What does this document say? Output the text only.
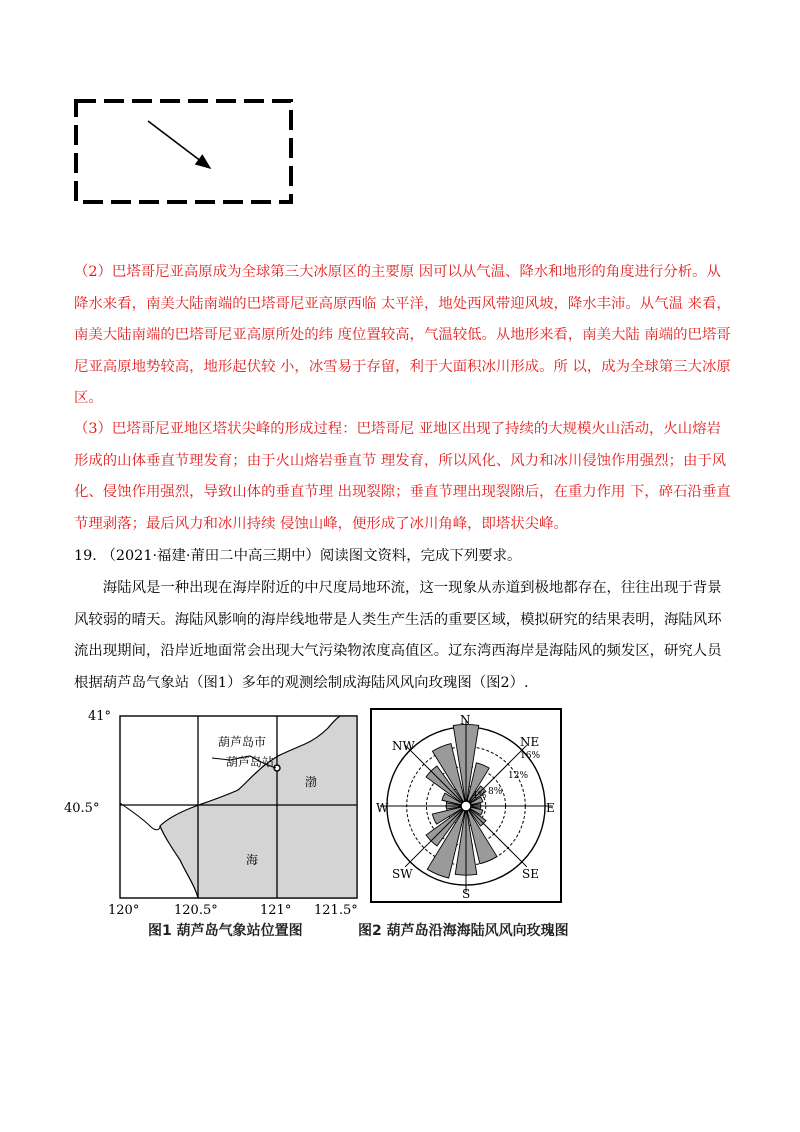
（2）巴塔哥尼亚高原成为全球第三大冰原区的主要原 因可以从气温、降水和地形的角度进行分析。从降水来看，南美大陆南端的巴塔哥尼亚高原西临 太平洋，地处西风带迎风坡，降水丰沛。从气温 来看，南美大陆南端的巴塔哥尼亚高原所处的纬 度位置较高，气温较低。从地形来看，南美大陆 南端的巴塔哥尼亚高原地势较高，地形起伏较 小，冰雪易于存留，利于大面积冰川形成。所 以，成为全球第三大冰原区。

（3）巴塔哥尼亚地区塔状尖峰的形成过程：巴塔哥尼 亚地区出现了持续的大规模火山活动，火山熔岩 形成的山体垂直节理发育；由于火山熔岩垂直节 理发育，所以风化、风力和冰川侵蚀作用强烈；由于风化、侵蚀作用强烈，导致山体的垂直节理 出现裂隙；垂直节理出现裂隙后，在重力作用 下，碎石沿垂直节理剥落；最后风力和冰川持续 侵蚀山峰，便形成了冰川角峰，即塔状尖峰。

19. （2021·福建·莆田二中高三期中）阅读图文资料，完成下列要求。

海陆风是一种出现在海岸附近的中尺度局地环流，这一现象从赤道到极地都存在，往往出现于背景风较弱的晴天。海陆风影响的海岸线地带是人类生产生活的重要区域，模拟研究的结果表明，海陆风环流出现期间，沿岸近地面常会出现大气污染物浓度高值区。辽东湾西海岸是海陆风的频发区，研究人员根据葫芦岛气象站（图1）多年的观测绘制成海陆风风向玫瑰图（图2）.

41°
40.5°
葫芦岛市
葫芦岛站
渤
海
120°	120.5°	121° 121.5°
图1 葫芦岛气象站位置图
N
NE
E
SE
S
SW
W
NW
4% 8%
12%
16%
图2 葫芦岛沿海海陆风风向玫瑰图
